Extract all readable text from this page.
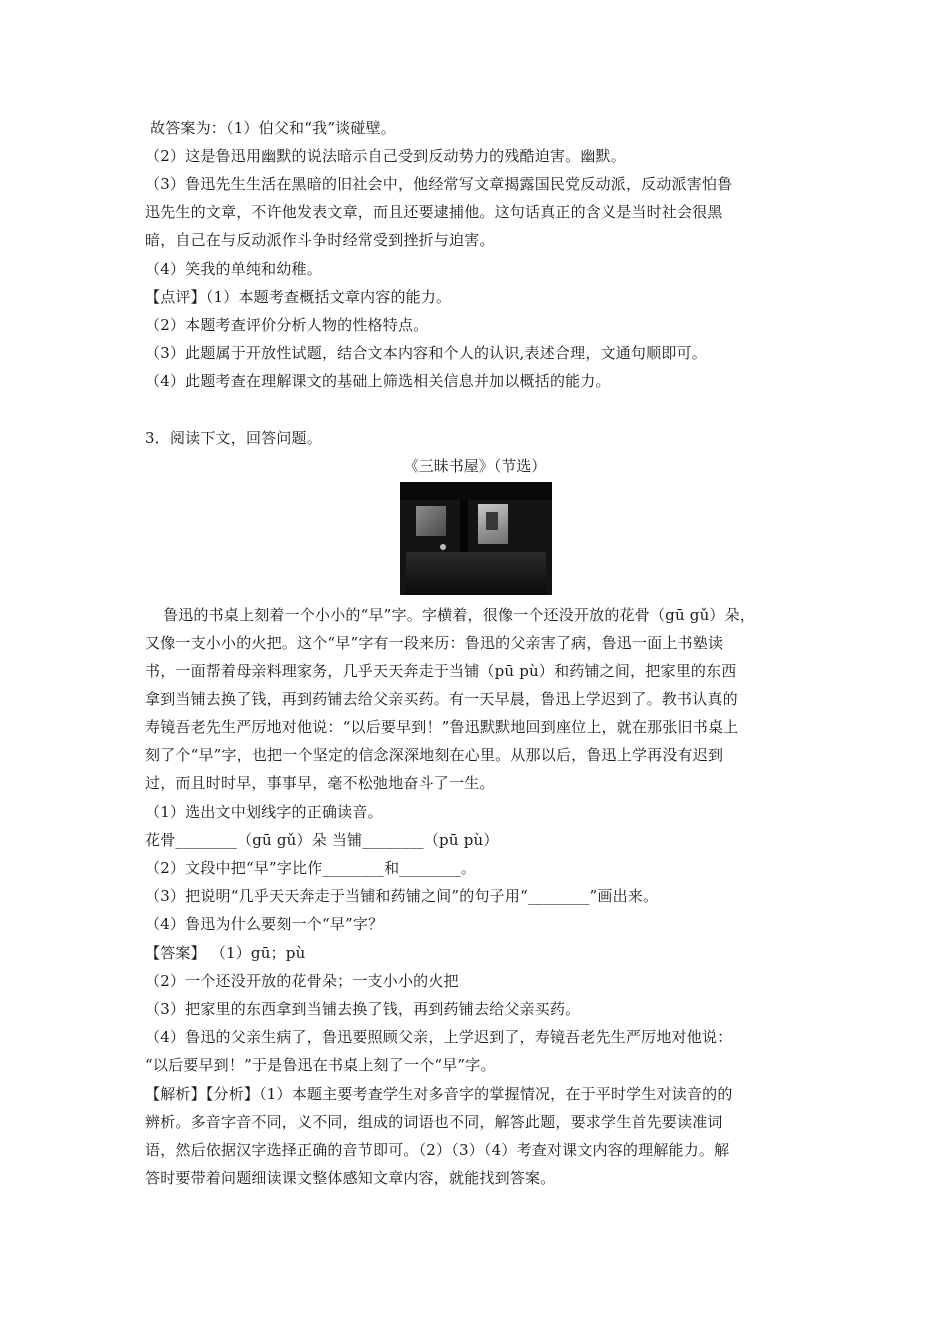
故答案为：（1）伯父和“我”谈碰壁。
（2）这是鲁迅用幽默的说法暗示自己受到反动势力的残酷迫害。幽默。
（3）鲁迅先生生活在黑暗的旧社会中，他经常写文章揭露国民党反动派，反动派害怕鲁
迅先生的文章，不许他发表文章，而且还要逮捕他。这句话真正的含义是当时社会很黑
暗，自己在与反动派作斗争时经常受到挫折与迫害。
（4）笑我的单纯和幼稚。
【点评】（1）本题考查概括文章内容的能力。
（2）本题考查评价分析人物的性格特点。
（3）此题属于开放性试题，结合文本内容和个人的认识,表述合理，文通句顺即可。
（4）此题考查在理解课文的基础上筛选相关信息并加以概括的能力。
3．阅读下文，回答问题。
《三昧书屋》（节选）
鲁迅的书桌上刻着一个小小的“早”字。字横着，很像一个还没开放的花骨（gū gǔ）朵，
又像一支小小的火把。这个“早”字有一段来历：鲁迅的父亲害了病，鲁迅一面上书塾读
书，一面帮着母亲料理家务，几乎天天奔走于当铺（pū pù）和药铺之间，把家里的东西
拿到当铺去换了钱，再到药铺去给父亲买药。有一天早晨，鲁迅上学迟到了。教书认真的
寿镜吾老先生严厉地对他说：“以后要早到！”鲁迅默默地回到座位上，就在那张旧书桌上
刻了个“早”字，也把一个坚定的信念深深地刻在心里。从那以后，鲁迅上学再没有迟到
过，而且时时早，事事早，毫不松弛地奋斗了一生。
（1）选出文中划线字的正确读音。
花骨________（gū gǔ）朵 当铺________（pū pù）
（2）文段中把“早”字比作________和________。
（3）把说明“几乎天天奔走于当铺和药铺之间”的句子用“________”画出来。
（4）鲁迅为什么要刻一个“早”字？
【答案】 （1）gū；pù
（2）一个还没开放的花骨朵；一支小小的火把
（3）把家里的东西拿到当铺去换了钱，再到药铺去给父亲买药。
（4）鲁迅的父亲生病了，鲁迅要照顾父亲，上学迟到了，寿镜吾老先生严厉地对他说：
“以后要早到！”于是鲁迅在书桌上刻了一个“早”字。
【解析】【分析】（1）本题主要考查学生对多音字的掌握情况，在于平时学生对读音的的
辨析。多音字音不同，义不同，组成的词语也不同，解答此题，要求学生首先要读准词
语，然后依据汉字选择正确的音节即可。（2）（3）（4）考查对课文内容的理解能力。解
答时要带着问题细读课文整体感知文章内容，就能找到答案。
